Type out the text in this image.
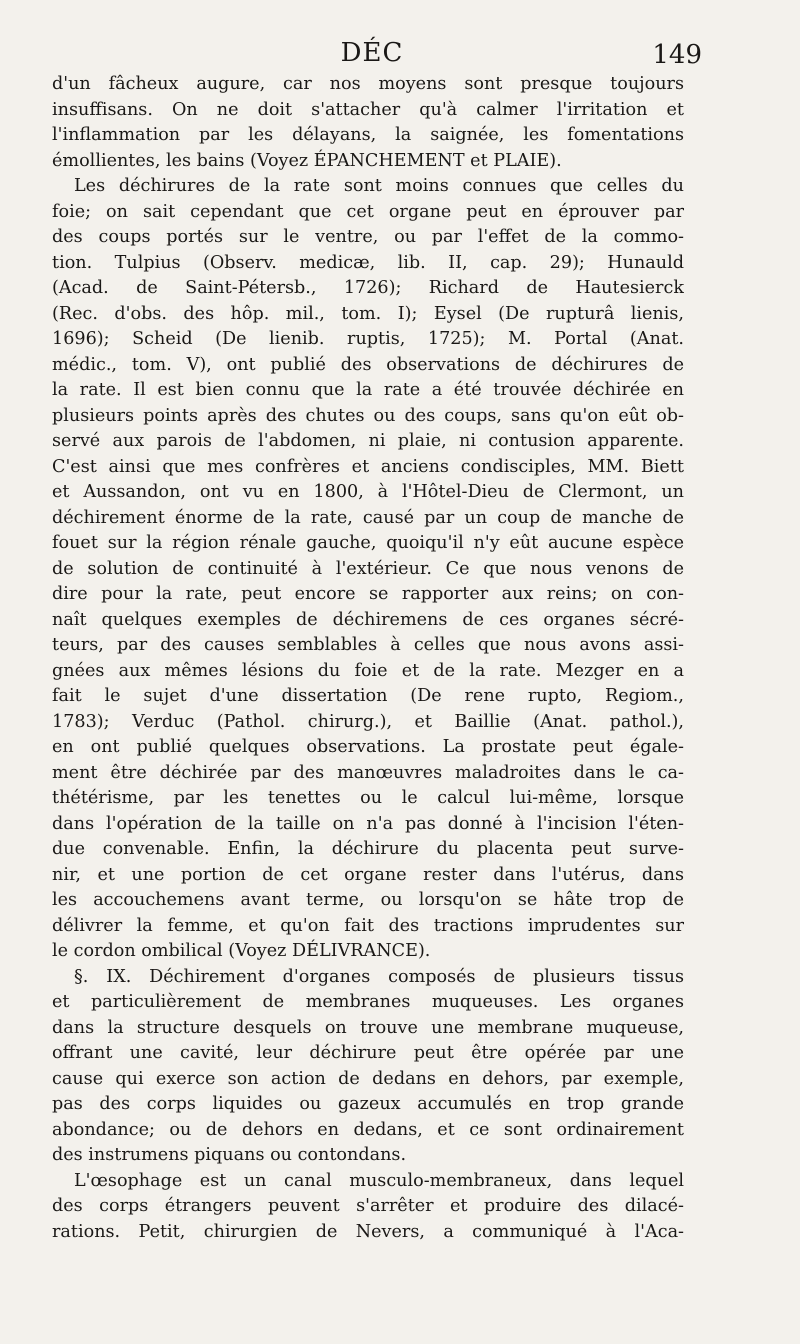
DÉC	149
d'un fâcheux augure, car nos moyens sont presque toujours
insuffisans. On ne doit s'attacher qu'à calmer l'irritation et
l'inflammation par les délayans, la saignée, les fomentations
émollientes, les bains (Voyez ÉPANCHEMENT et PLAIE).
Les déchirures de la rate sont moins connues que celles du
foie; on sait cependant que cet organe peut en éprouver par
des coups portés sur le ventre, ou par l'effet de la commo-
tion. Tulpius (Observ. medicæ, lib. II, cap. 29); Hunauld
(Acad. de Saint-Pétersb., 1726); Richard de Hautesierck
(Rec. d'obs. des hôp. mil., tom. I); Eysel (De rupturâ lienis,
1696); Scheid (De lienib. ruptis, 1725); M. Portal (Anat.
médic., tom. V), ont publié des observations de déchirures de
la rate. Il est bien connu que la rate a été trouvée déchirée en
plusieurs points après des chutes ou des coups, sans qu'on eût ob-
servé aux parois de l'abdomen, ni plaie, ni contusion apparente.
C'est ainsi que mes confrères et anciens condisciples, MM. Biett
et Aussandon, ont vu en 1800, à l'Hôtel-Dieu de Clermont, un
déchirement énorme de la rate, causé par un coup de manche de
fouet sur la région rénale gauche, quoiqu'il n'y eût aucune espèce
de solution de continuité à l'extérieur. Ce que nous venons de
dire pour la rate, peut encore se rapporter aux reins; on con-
naît quelques exemples de déchiremens de ces organes sécré-
teurs, par des causes semblables à celles que nous avons assi-
gnées aux mêmes lésions du foie et de la rate. Mezger en a
fait le sujet d'une dissertation (De rene rupto, Regiom.,
1783); Verduc (Pathol. chirurg.), et Baillie (Anat. pathol.),
en ont publié quelques observations. La prostate peut égale-
ment être déchirée par des manœuvres maladroites dans le ca-
thétérisme, par les tenettes ou le calcul lui-même, lorsque
dans l'opération de la taille on n'a pas donné à l'incision l'éten-
due convenable. Enfin, la déchirure du placenta peut surve-
nir, et une portion de cet organe rester dans l'utérus, dans
les accouchemens avant terme, ou lorsqu'on se hâte trop de
délivrer la femme, et qu'on fait des tractions imprudentes sur
le cordon ombilical (Voyez DÉLIVRANCE).
§. IX. Déchirement d'organes composés de plusieurs tissus
et particulièrement de membranes muqueuses. Les organes
dans la structure desquels on trouve une membrane muqueuse,
offrant une cavité, leur déchirure peut être opérée par une
cause qui exerce son action de dedans en dehors, par exemple,
pas des corps liquides ou gazeux accumulés en trop grande
abondance; ou de dehors en dedans, et ce sont ordinairement
des instrumens piquans ou contondans.
L'œsophage est un canal musculo-membraneux, dans lequel
des corps étrangers peuvent s'arrêter et produire des dilacé-
rations. Petit, chirurgien de Nevers, a communiqué à l'Aca-
